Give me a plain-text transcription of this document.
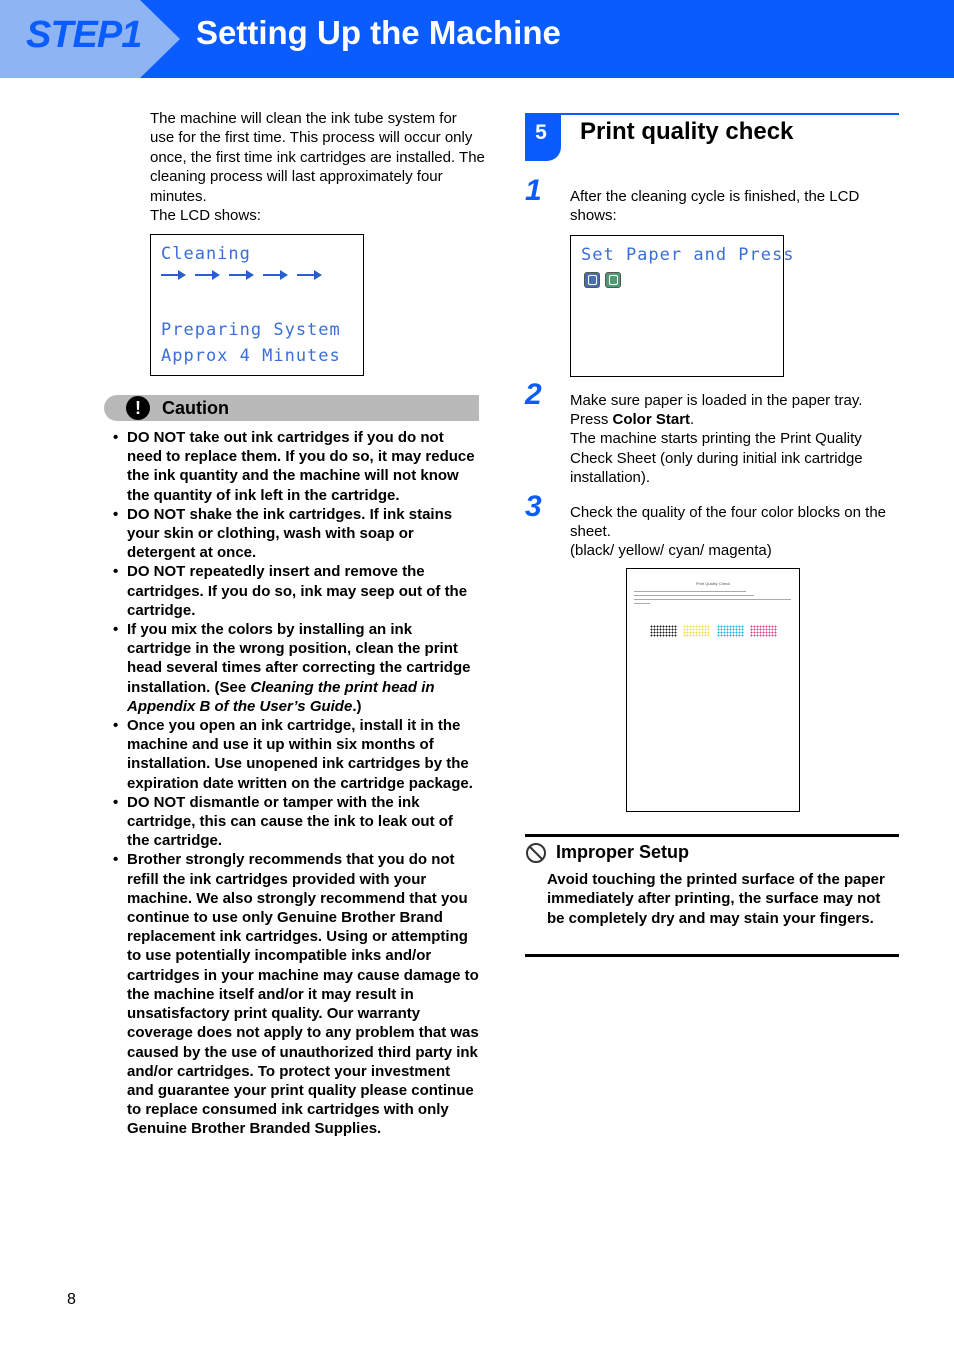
STEP1 Setting Up the Machine

The machine will clean the ink tube system for use for the first time. This process will occur only once, the first time ink cartridges are installed. The cleaning process will last approximately four minutes.

The LCD shows:

Cleaning
Preparing System
Approx 4 Minutes
!	Caution
• DO NOT take out ink cartridges if you do not need to replace them. If you do so, it may reduce the ink quantity and the machine will not know the quantity of ink left in the cartridge.
• DO NOT shake the ink cartridges. If ink stains your skin or clothing, wash with soap or detergent at once.
• DO NOT repeatedly insert and remove the cartridges. If you do so, ink may seep out of the cartridge.
• If you mix the colors by installing an ink cartridge in the wrong position, clean the print head several times after correcting the cartridge installation. (See Cleaning the print head in Appendix B of the User’s Guide.)
• Once you open an ink cartridge, install it in the machine and use it up within six months of installation. Use unopened ink cartridges by the expiration date written on the cartridge package.
• DO NOT dismantle or tamper with the ink cartridge, this can cause the ink to leak out of the cartridge.
• Brother strongly recommends that you do not refill the ink cartridges provided with your machine. We also strongly recommend that you continue to use only Genuine Brother Brand replacement ink cartridges. Using or attempting to use potentially incompatible inks and/or cartridges in your machine may cause damage to the machine itself and/or it may result in unsatisfactory print quality. Our warranty coverage does not apply to any problem that was caused by the use of unauthorized third party ink and/or cartridges. To protect your investment and guarantee your print quality please continue to replace consumed ink cartridges with only Genuine Brother Branded Supplies.
8
5	Print quality check
1 After the cleaning cycle is finished, the LCD shows:

Set Paper and Press
2 Make sure paper is loaded in the paper tray.

Press Color Start.

The machine starts printing the Print Quality Check Sheet (only during initial ink cartridge installation).

3 Check the quality of the four color blocks on the sheet.

(black/ yellow/ cyan/ magenta)

Print Quality Check
Improper Setup
Avoid touching the printed surface of the paper immediately after printing, the surface may not be completely dry and may stain your fingers.
